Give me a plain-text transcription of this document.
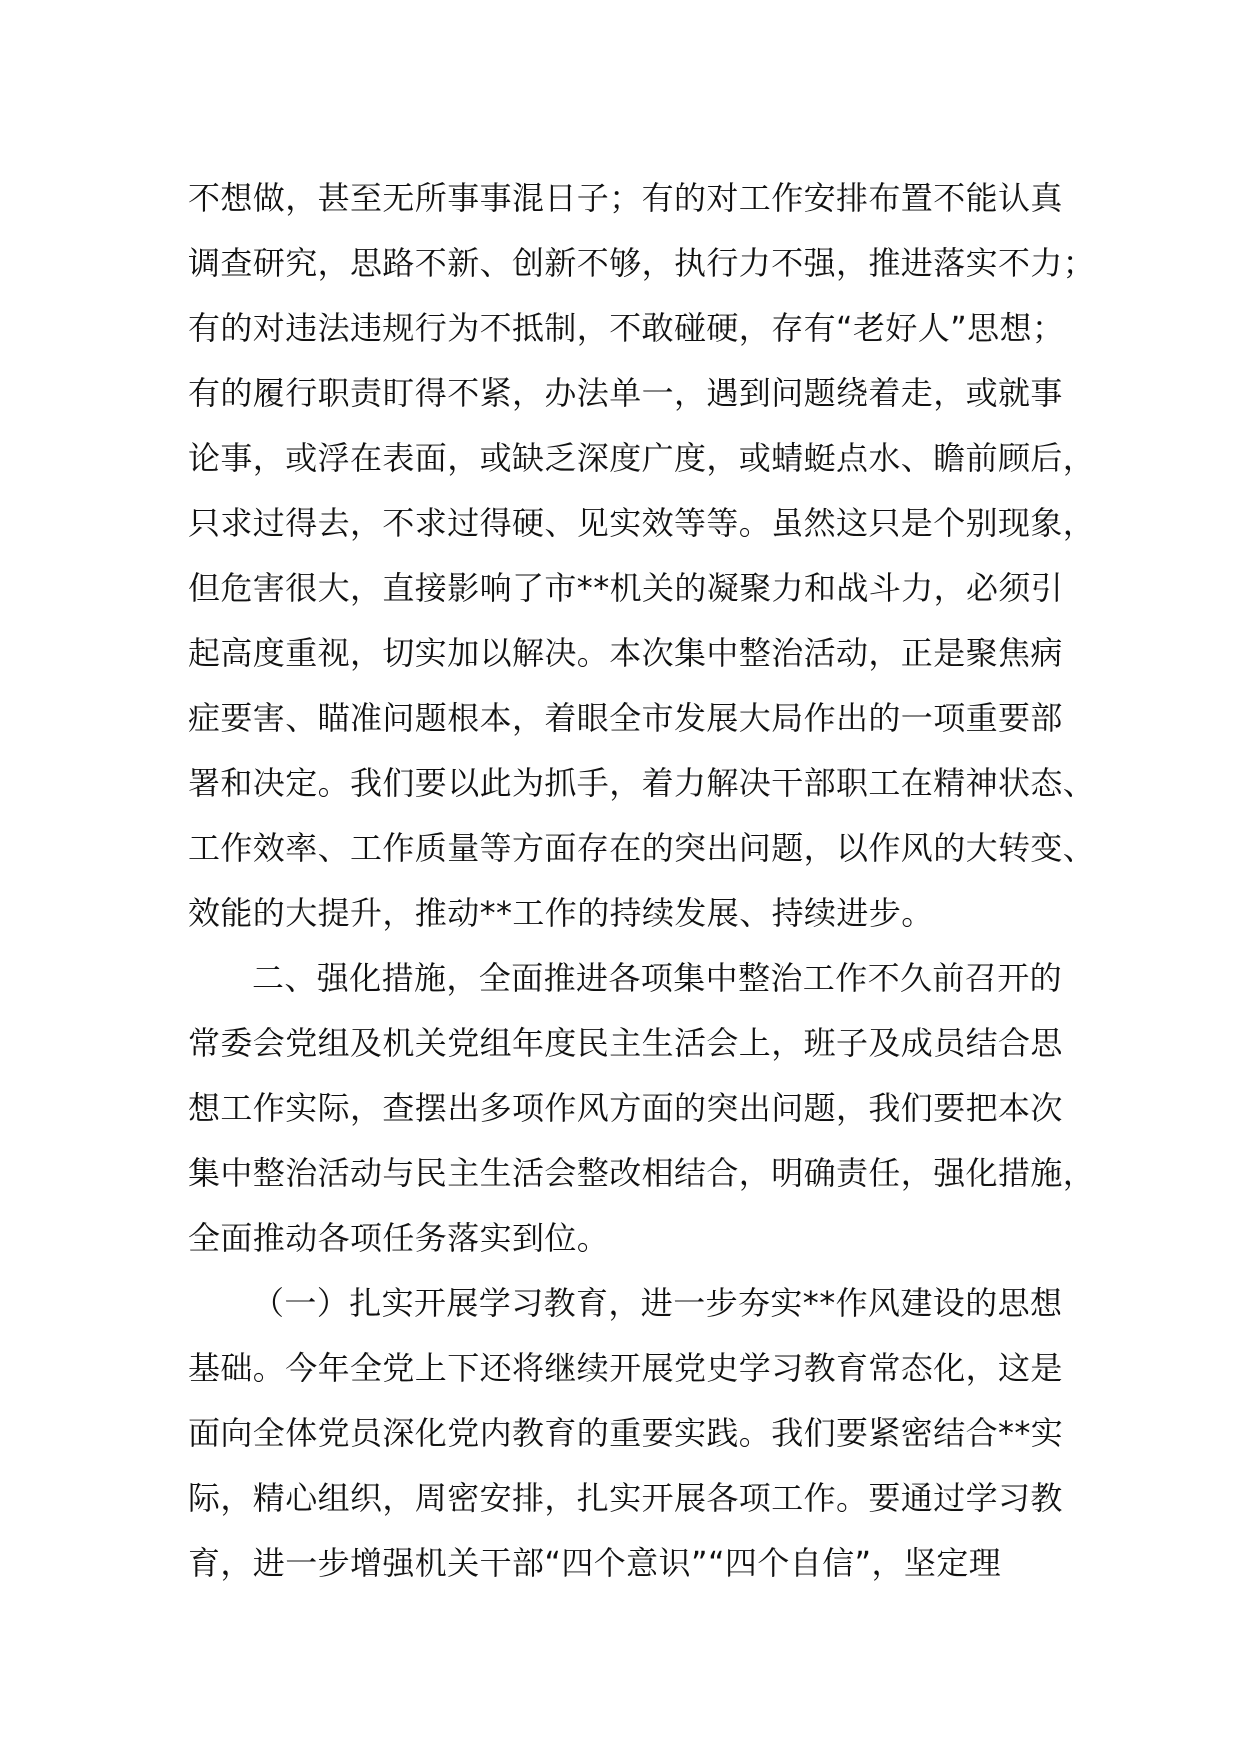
不想做，甚至无所事事混日子；有的对工作安排布置不能认真
调查研究，思路不新、创新不够，执行力不强，推进落实不力；
有的对违法违规行为不抵制，不敢碰硬，存有“老好人”思想；
有的履行职责盯得不紧，办法单一，遇到问题绕着走，或就事
论事，或浮在表面，或缺乏深度广度，或蜻蜓点水、瞻前顾后，
只求过得去，不求过得硬、见实效等等。虽然这只是个别现象，
但危害很大，直接影响了市**机关的凝聚力和战斗力，必须引
起高度重视，切实加以解决。本次集中整治活动，正是聚焦病
症要害、瞄准问题根本，着眼全市发展大局作出的一项重要部
署和决定。我们要以此为抓手，着力解决干部职工在精神状态、
工作效率、工作质量等方面存在的突出问题，以作风的大转变、
效能的大提升，推动**工作的持续发展、持续进步。
二、强化措施，全面推进各项集中整治工作不久前召开的
常委会党组及机关党组年度民主生活会上，班子及成员结合思
想工作实际，查摆出多项作风方面的突出问题，我们要把本次
集中整治活动与民主生活会整改相结合，明确责任，强化措施，
全面推动各项任务落实到位。
（一）扎实开展学习教育，进一步夯实**作风建设的思想
基础。今年全党上下还将继续开展党史学习教育常态化，这是
面向全体党员深化党内教育的重要实践。我们要紧密结合**实
际，精心组织，周密安排，扎实开展各项工作。要通过学习教
育，进一步增强机关干部“四个意识”“四个自信”，坚定理
